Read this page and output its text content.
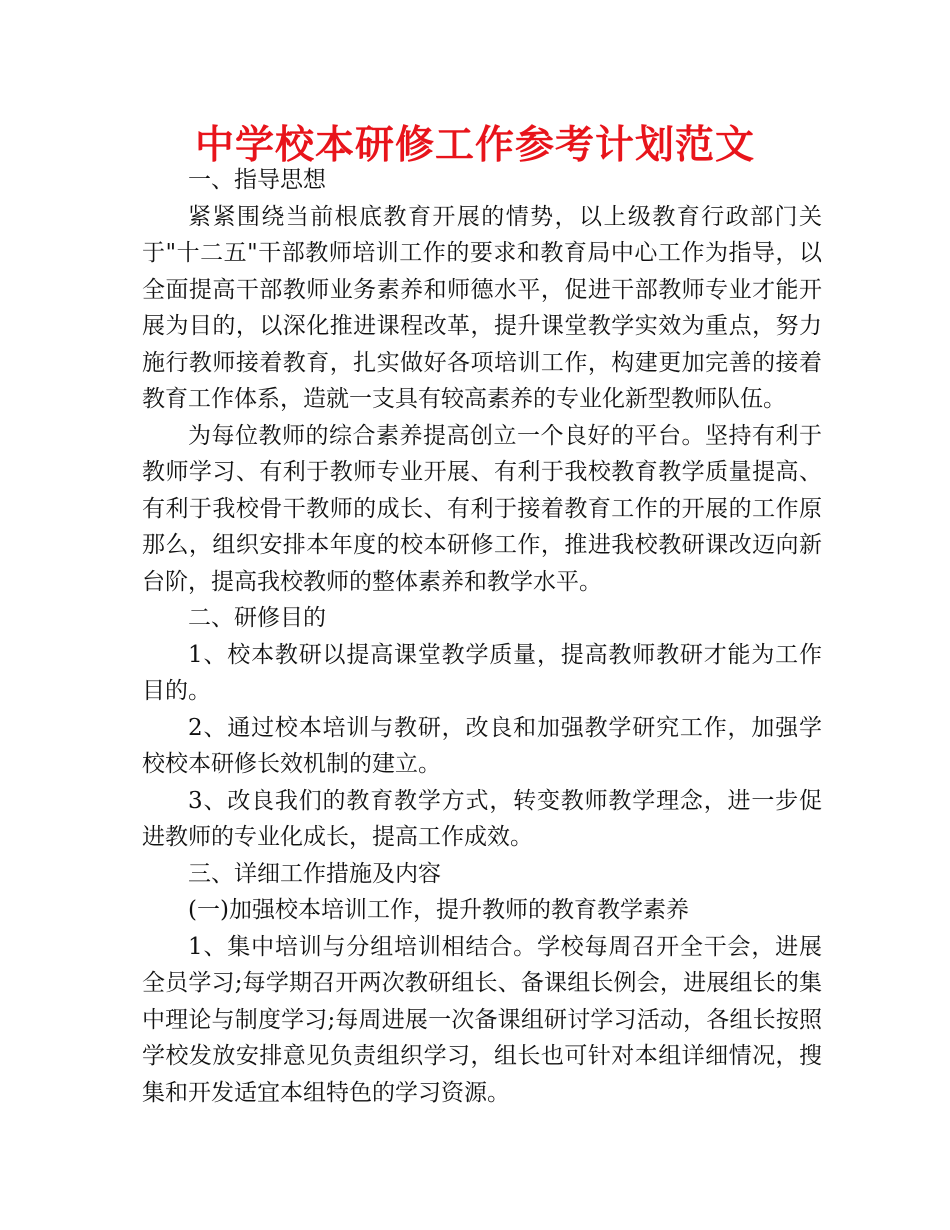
中学校本研修工作参考计划范文

一、指导思想

紧紧围绕当前根底教育开展的情势，以上级教育行政部门关于"十二五"干部教师培训工作的要求和教育局中心工作为指导，以全面提高干部教师业务素养和师德水平，促进干部教师专业才能开展为目的，以深化推进课程改革，提升课堂教学实效为重点，努力施行教师接着教育，扎实做好各项培训工作，构建更加完善的接着教育工作体系，造就一支具有较高素养的专业化新型教师队伍。

为每位教师的综合素养提高创立一个良好的平台。坚持有利于教师学习、有利于教师专业开展、有利于我校教育教学质量提高、有利于我校骨干教师的成长、有利于接着教育工作的开展的工作原那么，组织安排本年度的校本研修工作，推进我校教研课改迈向新台阶，提高我校教师的整体素养和教学水平。

二、研修目的

1、校本教研以提高课堂教学质量，提高教师教研才能为工作目的。

2、通过校本培训与教研，改良和加强教学研究工作，加强学校校本研修长效机制的建立。

3、改良我们的教育教学方式，转变教师教学理念，进一步促进教师的专业化成长，提高工作成效。

三、详细工作措施及内容

(一)加强校本培训工作，提升教师的教育教学素养

1、集中培训与分组培训相结合。学校每周召开全干会，进展全员学习;每学期召开两次教研组长、备课组长例会，进展组长的集中理论与制度学习;每周进展一次备课组研讨学习活动，各组长按照学校发放安排意见负责组织学习，组长也可针对本组详细情况，搜集和开发适宜本组特色的学习资源。
